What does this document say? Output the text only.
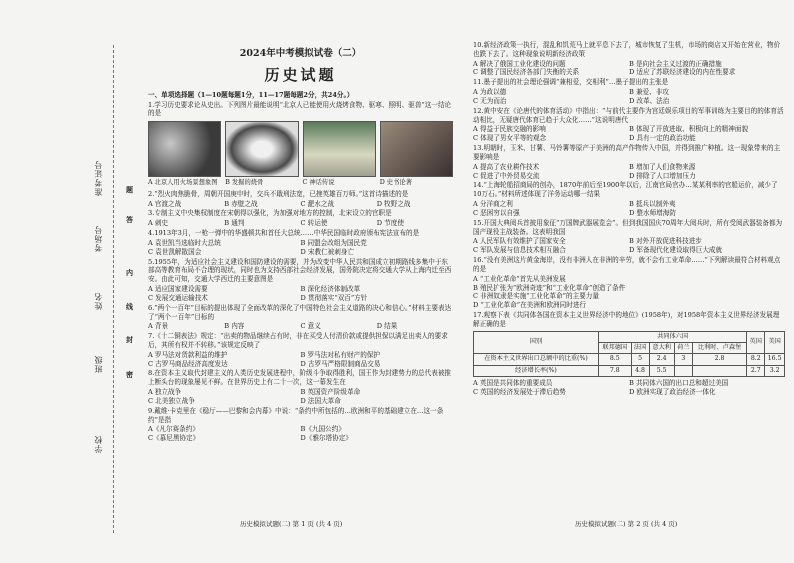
准考证号
考场号
姓名
班级
学校
题
答
内
线
封
密
2024年中考模拟试卷（二）
历史试题
一、单项选择题（1—10题每题1分，11—17题每题2分，共24分。）
1.学习历史要求论从史出。下列图片最能说明“北京人已能使用火烧烤食物、驱寒、照明、驱兽”这一结论的是
A 北京人用火场景想象图	B 发掘的烧骨	C 神话传说	D 史书论著
2.“烈火肉焦脆骨，周朝开国庚申时，交兵不戢刑法宽，已挫英雄百万师。”这首诗描述的是
A 官渡之战	B 赤壁之战	C 淝水之战	D 牧野之战
3.专制主义中央集权制度在宋朝得以强化，为加强对地方的控制，北宋设立的官职是
A 刺史	B 通判	C 转运使	D 节度使
4.1913年3月，一枪一弹中的华盛顿共和首任大总统……中华民国临时政府颁布宪法宣布的是
A 袁世凯当选临时大总统	B 同盟会改组为国民党
C 袁世凯解散国会	D 宋教仁被刺身亡
5.1955年，为适应社会主义建设和国防建设的需要，并为改变中华人民共和国成立初期路线多集中于东部高等教育布局不合理的现状，同时也为支持西部社会经济发展，国务院决定将交通大学从上海内迁至西安。由此可知，交通大学西迁的主要意图是
A 适应国家建设需要	B 深化经济体制改革
C 发展交通运输技术	D 贯彻落实“双百”方针
6.“两个一百年”目标的提出体现了全面改革的深化了中国特色社会主义道路的决心和信心。”材料主要表达了“两个一百年”目标的
A 背景	B 内容	C 意义	D 结果
7.《十二铜表法》规定：“出卖的物品继续占有时，非在买受人付清价款或提供担保以满足出卖人的要求后，其所有权并不转移。”该规定反映了
A 罗马法对货款利益的维护	B 罗马法对私有财产的保护
C 古罗马商品经济高度发达	D 古罗马严格限制商品交易
8.在资本主义取代封建主义的人类历史发展进程中，阶级斗争取得胜利，国王作为封建势力的总代表被推上断头台的现象屡见不鲜。在世界历史上有二十一次，这一幕发生在
A 独立战争	B 英国资产阶级革命
C 北美独立战争	D 法国大革命
9.戴维·卡克里在《稳厅——巴黎和会内幕》中说：“条约中所包括的…欧洲和平的基础建立在…这一条约”是指
A《凡尔赛条约》	B《九国公约》
C《慕尼黑协定》	D《雅尔塔协定》
10.新经济政策一执行，混乱和饥荒马上就平息下去了，城市恢复了生机，市场的商店又开始在营业，物价也跌下去了。这种现象说明新经济政策
A 解决了俄国工业化建设的问题	B 是向社会主义过渡的正确措施
C 调整了国民经济各部门失衡的关系	D 适应了苏联经济建设的内在性要求
11.墨子提出的社会理论强调“兼相爱，交相利”…墨子提出的主张是
A 为政以德	B 兼爱、非攻
C 无为而治	D 改革、法治
12.黄中安在《论唐代的体育活动》中指出：“与前代主要作为宫廷娱乐项目的军事训练为主要目的的体育活动相比，无疑唐代体育已趋于大众化……”这说明唐代
A 得益于民族交融的影响	B 体现了开放进取、积极向上的精神面貌
C 体现了男女平等的观念	D 具有一定的政治功能
13.明朝时，玉米、甘薯、马铃薯等原产于美洲的高产作物传入中国，并得到推广种植。这一现象带来的主要影响是
A 提高了农业耕作技术	B 增加了人们食物来源
C 促进了中外贸易交流	D 排除了人口增加压力
14.“上海轮船招商局的创办，1870年前后至1900年以后，江南官局官办…某某利率的官船运价，减少了10万石。”材料所述体现了洋务运动哪一结果
A 分洋商之利	B 抵兵以制外夷
C 恶困穷以自强	D 整水师增海防
15.开国大典阅兵首披用象征“万国牌武器展览会”。但到我国国庆70周年大阅兵时，所有受阅武器装备都为国产现役主战装备。这表明我国
A 人民军队有效维护了国家安全	B 对外开放促进科技进步
C 军队发展与信息技术相互融合	D 军备现代化建设取得巨大成就
16.“没有美洲这片黄金海岸，没有非洲人在非洲的辛劳，就不会有工业革命……”下列解读最符合材料观点的是
A “工业化革命”首先从美洲发展
B 殖民扩张为“欧洲奇迹”和“工业化革命”创造了条件
C 非洲奴隶是实施“工业化革命”的主要力量
D “工业化革命”在美洲和欧洲同时进行
17.观察下表《共同体各国在资本主义世界经济中的地位》(1958年)，对1958年资本主义世界经济发展理解正确的是
国别	共同体六国					英国	美国
	联邦德国	法国	意大利	荷兰	比利时、卢森堡		
在资本主义世界出口总额中的比重(%)	8.5	5	2.4	3	2.8	8.2	16.5
经济增长率(%)	7.8	4.8	5.5			2.7	3.2
A 英国是共同体的重要成员	B 共同体六国的出口总和超过美国
C 英国的经济发展处于滞后趋势	D 欧洲实现了政治经济一体化
历史模拟试题(二) 第 1 页 (共 4 页)	历史模拟试题(二) 第 2 页 (共 4 页)
